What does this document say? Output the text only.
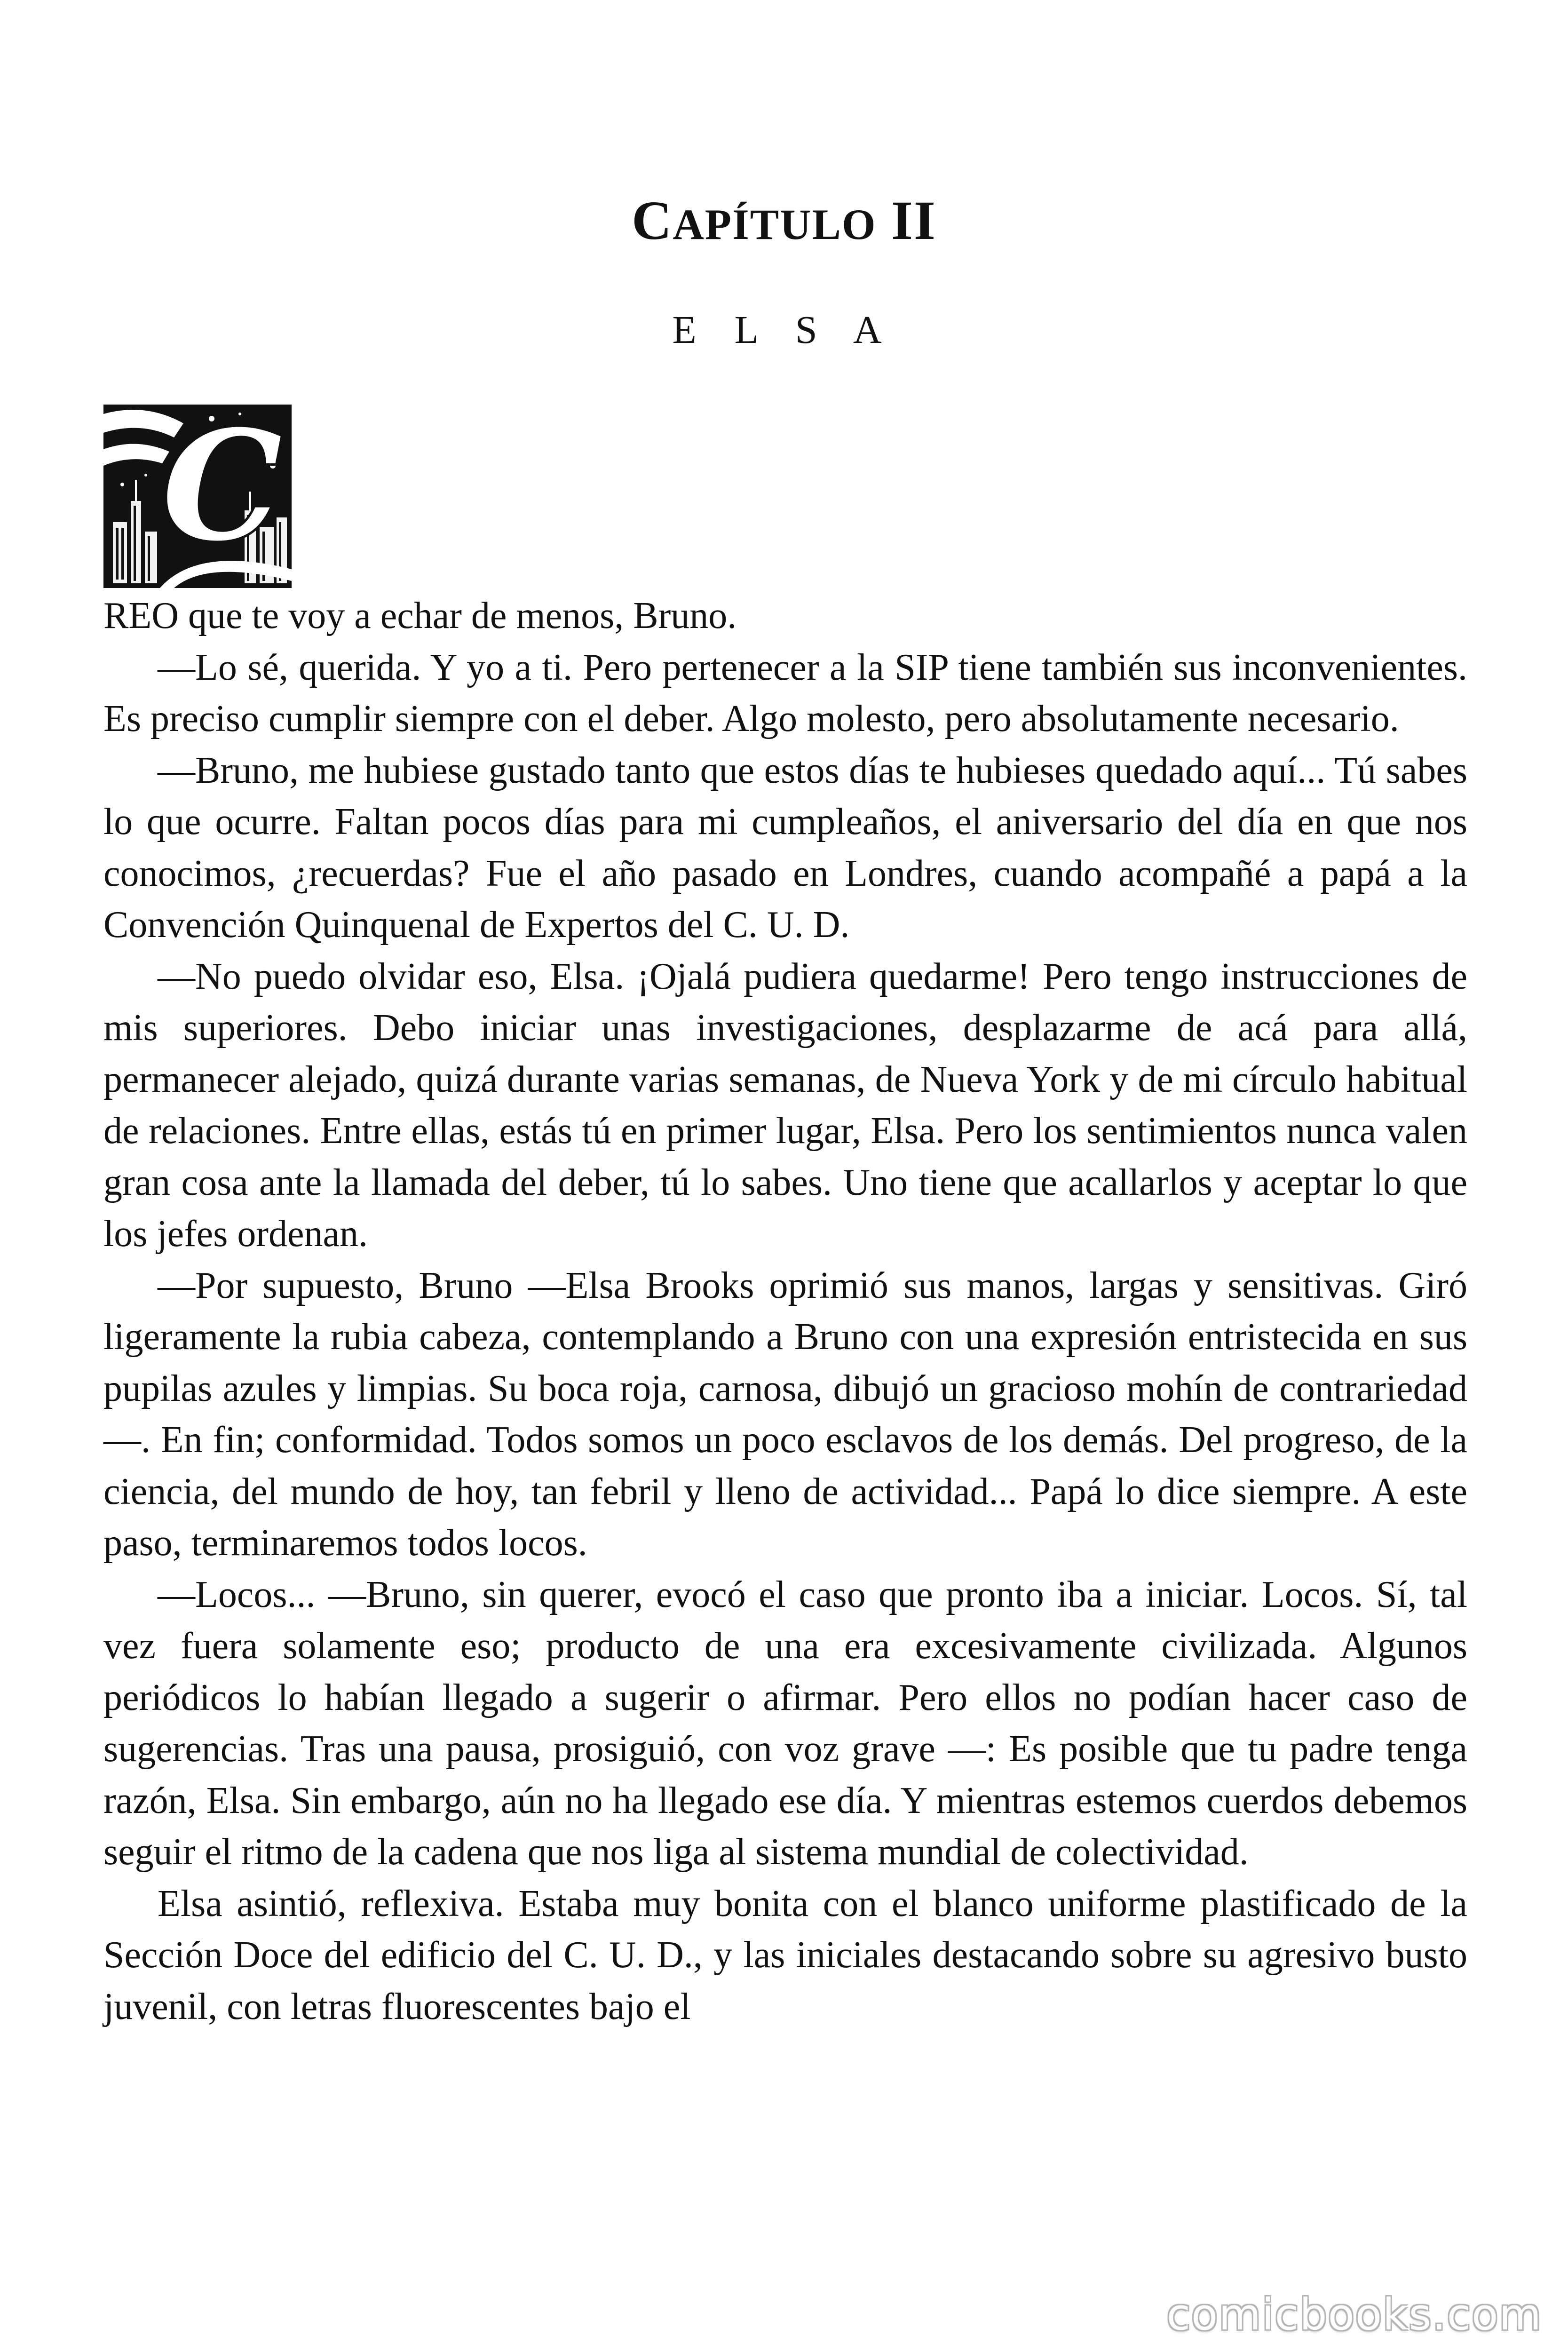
CAPÍTULO II
E L S A
C

REO que te voy a echar de menos, Bruno.

—Lo sé, querida. Y yo a ti. Pero pertenecer a la SIP tiene también sus inconvenientes. Es preciso cumplir siempre con el deber. Algo molesto, pero absolutamente necesario.

—Bruno, me hubiese gustado tanto que estos días te hubieses quedado aquí... Tú sabes lo que ocurre. Faltan pocos días para mi cumpleaños, el aniversario del día en que nos conocimos, ¿recuerdas? Fue el año pasado en Londres, cuando acompañé a papá a la Convención Quinquenal de Expertos del C. U. D.

—No puedo olvidar eso, Elsa. ¡Ojalá pudiera quedarme! Pero tengo instrucciones de mis superiores. Debo iniciar unas investigaciones, desplazarme de acá para allá, permanecer alejado, quizá durante varias semanas, de Nueva York y de mi círculo habitual de relaciones. Entre ellas, estás tú en primer lugar, Elsa. Pero los sentimientos nunca valen gran cosa ante la llamada del deber, tú lo sabes. Uno tiene que acallarlos y aceptar lo que los jefes ordenan.

—Por supuesto, Bruno —Elsa Brooks oprimió sus manos, largas y sensitivas. Giró ligeramente la rubia cabeza, contemplando a Bruno con una expresión entristecida en sus pupilas azules y limpias. Su boca roja, carnosa, dibujó un gracioso mohín de contrariedad—. En fin; conformidad. Todos somos un poco esclavos de los demás. Del progreso, de la ciencia, del mundo de hoy, tan febril y lleno de actividad... Papá lo dice siempre. A este paso, terminaremos todos locos.

—Locos... —Bruno, sin querer, evocó el caso que pronto iba a iniciar. Locos. Sí, tal vez fuera solamente eso; producto de una era excesivamente civilizada. Algunos periódicos lo habían llegado a sugerir o afirmar. Pero ellos no podían hacer caso de sugerencias. Tras una pausa, prosiguió, con voz grave —: Es posible que tu padre tenga razón, Elsa. Sin embargo, aún no ha llegado ese día. Y mientras estemos cuerdos debemos seguir el ritmo de la cadena que nos liga al sistema mundial de colectividad.

Elsa asintió, reflexiva. Estaba muy bonita con el blanco uniforme plastificado de la Sección Doce del edificio del C. U. D., y las iniciales destacando sobre su agresivo busto juvenil, con letras fluorescentes bajo el

comicbooks.com
